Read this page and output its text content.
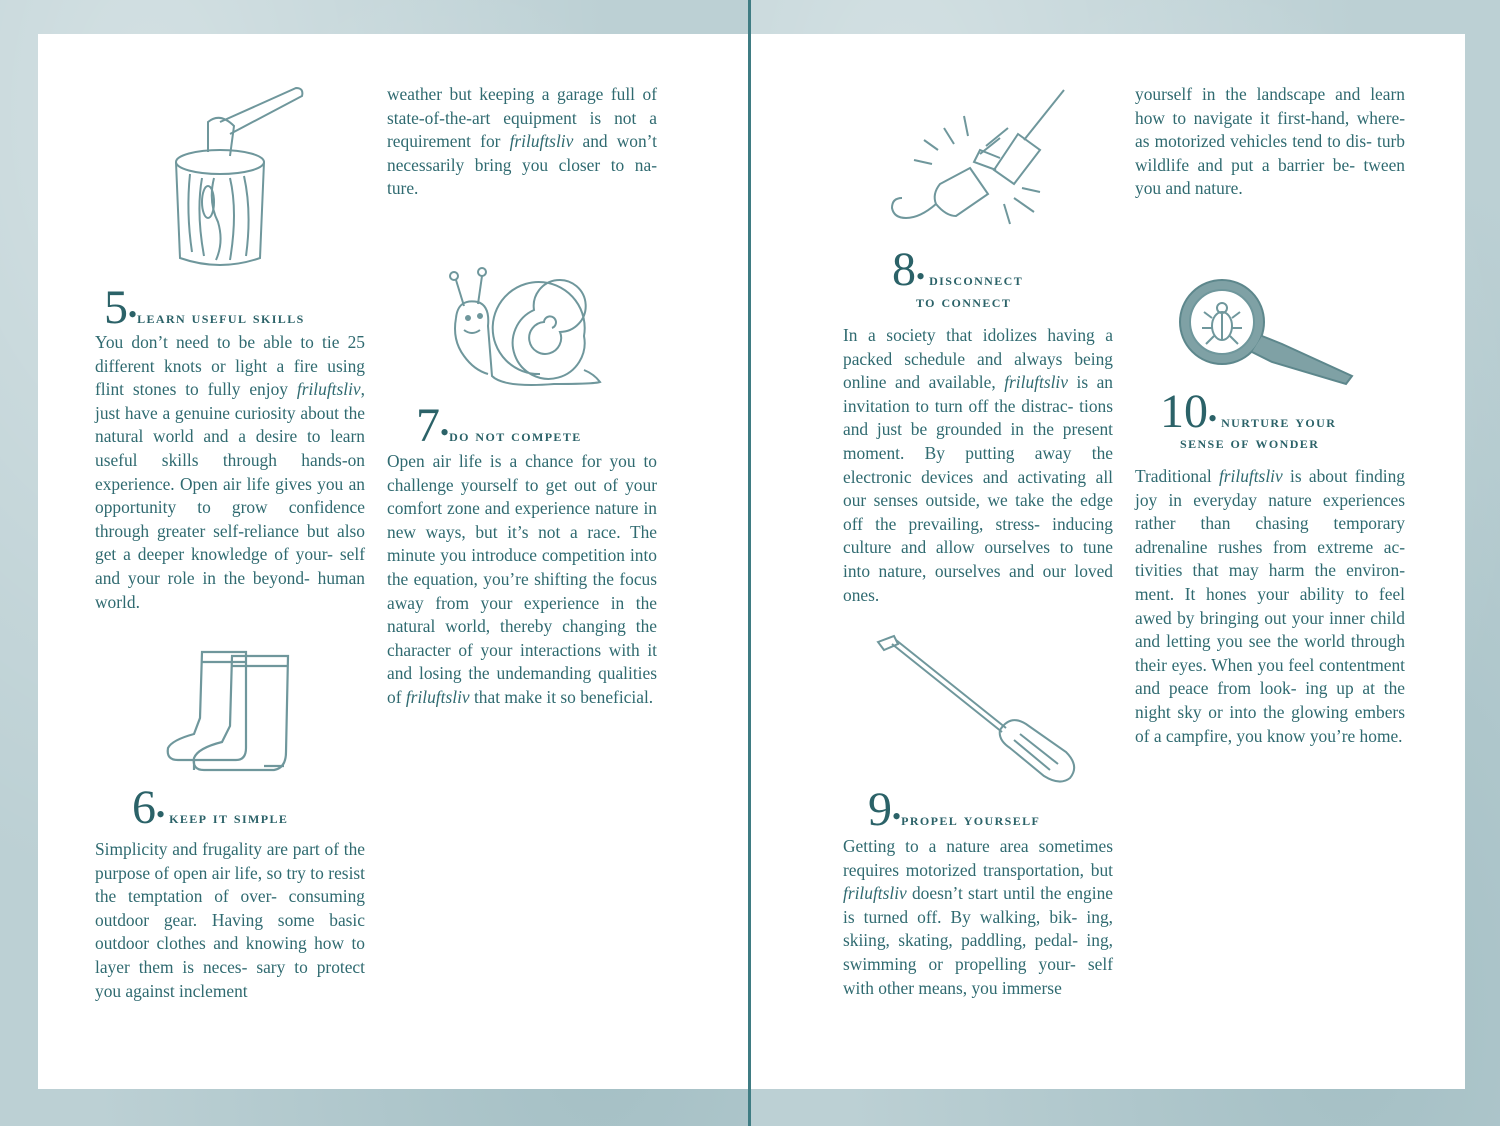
5•learn useful skills

You don’t need to be able to tie 25 different knots or light a fire using flint stones to fully enjoy friluftsliv, just have a genuine curiosity about the natural world and a desire to learn useful skills through hands-on experience. Open air life gives you an opportunity to grow confidence through greater self-reliance but also get a deeper knowledge of your- self and your role in the beyond- human world.

6• keep it simple

Simplicity and frugality are part of the purpose of open air life, so try to resist the temptation of over- consuming outdoor gear. Having some basic outdoor clothes and knowing how to layer them is neces- sary to protect you against inclement

weather but keeping a garage full of state-of-the-art equipment is not a requirement for friluftsliv and won’t necessarily bring you closer to na- ture.

7•do not compete

Open air life is a chance for you to challenge yourself to get out of your comfort zone and experience nature in new ways, but it’s not a race. The minute you introduce competition into the equation, you’re shifting the focus away from your experience in the natural world, thereby changing the character of your interactions with it and losing the undemanding qualities of friluftsliv that make it so beneficial.

8• disconnect
to connect

In a society that idolizes having a packed schedule and always being online and available, friluftsliv is an invitation to turn off the distrac- tions and just be grounded in the present moment. By putting away the electronic devices and activating all our senses outside, we take the edge off the prevailing, stress- inducing culture and allow ourselves to tune into nature, ourselves and our loved ones.

9•propel yourself

Getting to a nature area sometimes requires motorized transportation, but friluftsliv doesn’t start until the engine is turned off. By walking, bik- ing, skiing, skating, paddling, pedal- ing, swimming or propelling your- self with other means, you immerse

yourself in the landscape and learn how to navigate it first-hand, where- as motorized vehicles tend to dis- turb wildlife and put a barrier be- tween you and nature.

10• nurture your
sense of wonder

Traditional friluftsliv is about finding joy in everyday nature experiences rather than chasing temporary adrenaline rushes from extreme ac- tivities that may harm the environ- ment. It hones your ability to feel awed by bringing out your inner child and letting you see the world through their eyes. When you feel contentment and peace from look- ing up at the night sky or into the glowing embers of a campfire, you know you’re home.
